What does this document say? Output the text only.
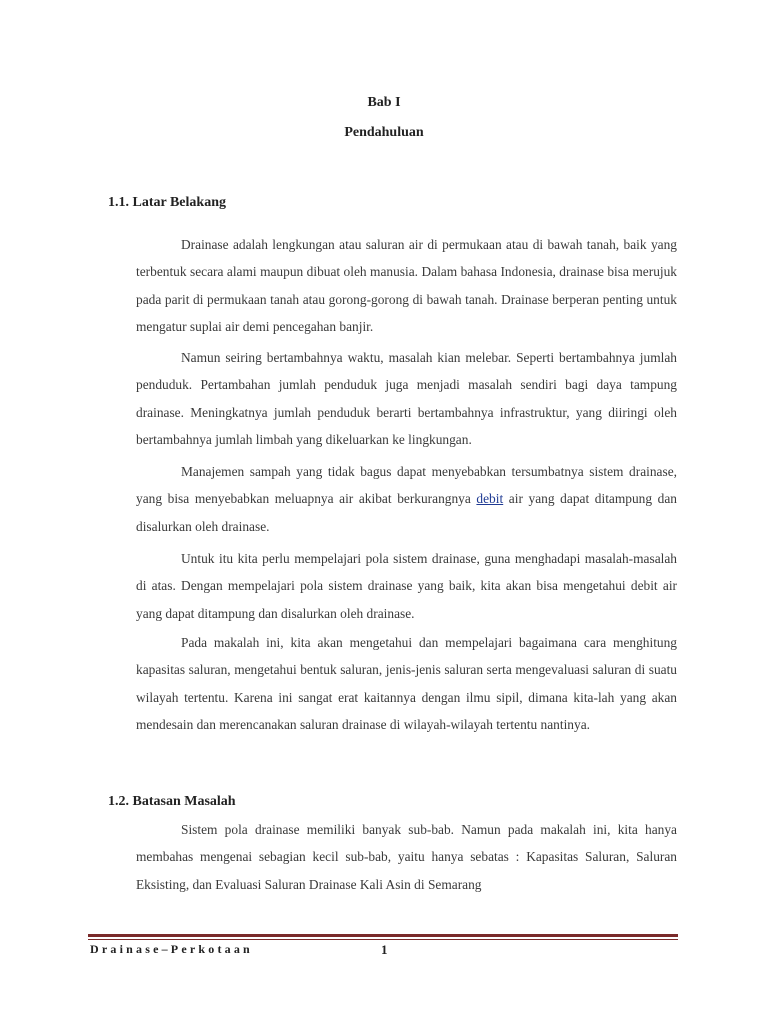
Bab I
Pendahuluan
1.1. Latar Belakang

Drainase adalah lengkungan atau saluran air di permukaan atau di bawah tanah, baik yang terbentuk secara alami maupun dibuat oleh manusia. Dalam bahasa Indonesia, drainase bisa merujuk pada parit di permukaan tanah atau gorong-gorong di bawah tanah. Drainase berperan penting untuk mengatur suplai air demi pencegahan banjir.

Namun seiring bertambahnya waktu, masalah kian melebar. Seperti bertambahnya jumlah penduduk. Pertambahan jumlah penduduk juga menjadi masalah sendiri bagi daya tampung drainase. Meningkatnya jumlah penduduk berarti bertambahnya infrastruktur, yang diiringi oleh bertambahnya jumlah limbah yang dikeluarkan ke lingkungan.

Manajemen sampah yang tidak bagus dapat menyebabkan tersumbatnya sistem drainase, yang bisa menyebabkan meluapnya air akibat berkurangnya debit air yang dapat ditampung dan disalurkan oleh drainase.

Untuk itu kita perlu mempelajari pola sistem drainase, guna menghadapi masalah-masalah di atas. Dengan mempelajari pola sistem drainase yang baik, kita akan bisa mengetahui debit air yang dapat ditampung dan disalurkan oleh drainase.

Pada makalah ini, kita akan mengetahui dan mempelajari bagaimana cara menghitung kapasitas saluran, mengetahui bentuk saluran, jenis-jenis saluran serta mengevaluasi saluran di suatu wilayah tertentu. Karena ini sangat erat kaitannya dengan ilmu sipil, dimana kita-lah yang akan mendesain dan merencanakan saluran drainase di wilayah-wilayah tertentu nantinya.

1.2. Batasan Masalah

Sistem pola drainase memiliki banyak sub-bab. Namun pada makalah ini, kita hanya membahas mengenai sebagian kecil sub-bab, yaitu hanya sebatas : Kapasitas Saluran, Saluran Eksisting, dan Evaluasi Saluran Drainase Kali Asin di Semarang

Drainase–Perkotaan	1
